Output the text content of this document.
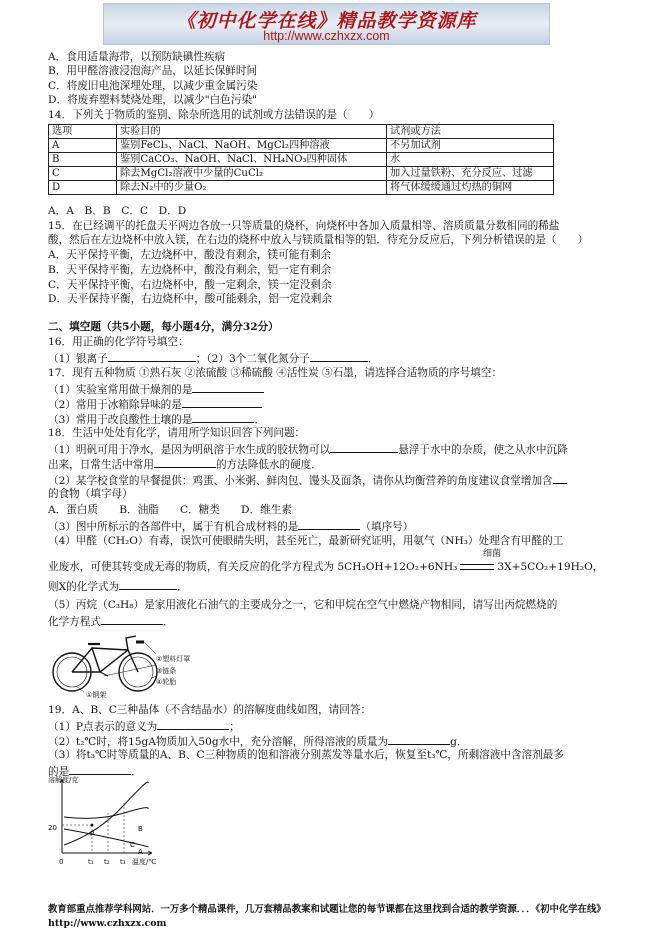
《初中化学在线》精品教学资源库
http://www.czhxzx.com
A．食用适量海带，以预防缺碘性疾病
B．用甲醛溶液浸泡海产品，以延长保鲜时间
C．将废旧电池深埋处理，以减少重金属污染
D．将废弃塑料焚烧处理，以减少"白色污染"
14．下列关于物质的鉴别、除杂所选用的试剂或方法错误的是（　　）
选项	实验目的	试剂或方法
A	鉴别FeCl₃、NaCl、NaOH、MgCl₂四种溶液	不另加试剂
B	鉴别CaCO₃、NaOH、NaCl、NH₄NO₃四种固体	水
C	除去MgCl₂溶液中少量的CuCl₂	加入过量铁粉、充分反应、过滤
D	除去N₂中的少量O₂	将气体缓缓通过灼热的铜网
A．A　B．B　C．C　D．D
15．在已经调平的托盘天平两边各放一只等质量的烧杯，向烧杯中各加入质量相等、溶质质量分数相同的稀盐
酸，然后在左边烧杯中放入镁，在右边的烧杯中放入与镁质量相等的铝．待充分反应后，下列分析错误的是（　　）
A．天平保持平衡，左边烧杯中，酸没有剩余，镁可能有剩余
B．天平保持平衡，左边烧杯中，酸没有剩余，铝一定有剩余
C．天平保持平衡，右边烧杯中，酸一定剩余，镁一定没剩余
D．天平保持平衡，右边烧杯中，酸可能剩余，铝一定没剩余
二、填空题（共5小题，每小题4分，满分32分）
16．用正确的化学符号填空：
（1）银离子	；（2）3个二氧化氮分子	．
17．现有五种物质 ①熟石灰 ②浓硫酸 ③稀硫酸 ④活性炭 ⑤石墨，请选择合适物质的序号填空：
（1）实验室常用做干燥剂的是
（2）常用于冰箱除异味的是
（3）常用于改良酸性土壤的是	．
18．生活中处处有化学，请用所学知识回答下列问题：
（1）明矾可用于净水，是因为明矾溶于水生成的胶状物可以	悬浮于水中的杂质，使之从水中沉降
出来，日常生活中常用	的方法降低水的硬度．
（2）某学校食堂的早餐提供：鸡蛋、小米粥、鲜肉包、馒头及面条，请你从均衡营养的角度建议食堂增加含
的食物（填字母）
A．蛋白质　　B．油脂　　C．糖类　　D．维生素
（3）图中所标示的各部件中，属于有机合成材料的是	（填序号）
（4）甲醛（CH₂O）有毒，误饮可使眼睛失明，甚至死亡，最新研究证明，用氨气（NH₃）处理含有甲醛的工
细菌
业废水，可使其转变成无毒的物质，有关反应的化学方程式为 5CH₃OH+12O₂+6NH₃	3X+5CO₂+19H₂O，
则X的化学式为	．
（5）丙烷（C₃H₈）是家用液化石油气的主要成分之一，它和甲烷在空气中燃烧产物相同，请写出丙烷燃烧的
化学方程式	．
②塑料灯罩
③链条
④轮胎
①钢架
19．A、B、C三种晶体（不含结晶水）的溶解度曲线如图，请回答：
（1）P点表示的意义为	；
（2）t₂℃时，将15gA物质加入50g水中，充分溶解，所得溶液的质量为	g．
（3）将t₃℃时等质量的A、B、C三种物质的饱和溶液分别蒸发等量水后，恢复至t₃℃，所剩溶液中含溶剂最多
的是	．
溶解度/克
20
A
B
C
P
0	t₁ t₂ t₃ 温度/℃
教育部重点推荐学科网站．一万多个精品课件，几万套精品教案和试题让您的每节课都在这里找到合适的教学资源．．．《初中化学在线》http://www.czhxzx.com
